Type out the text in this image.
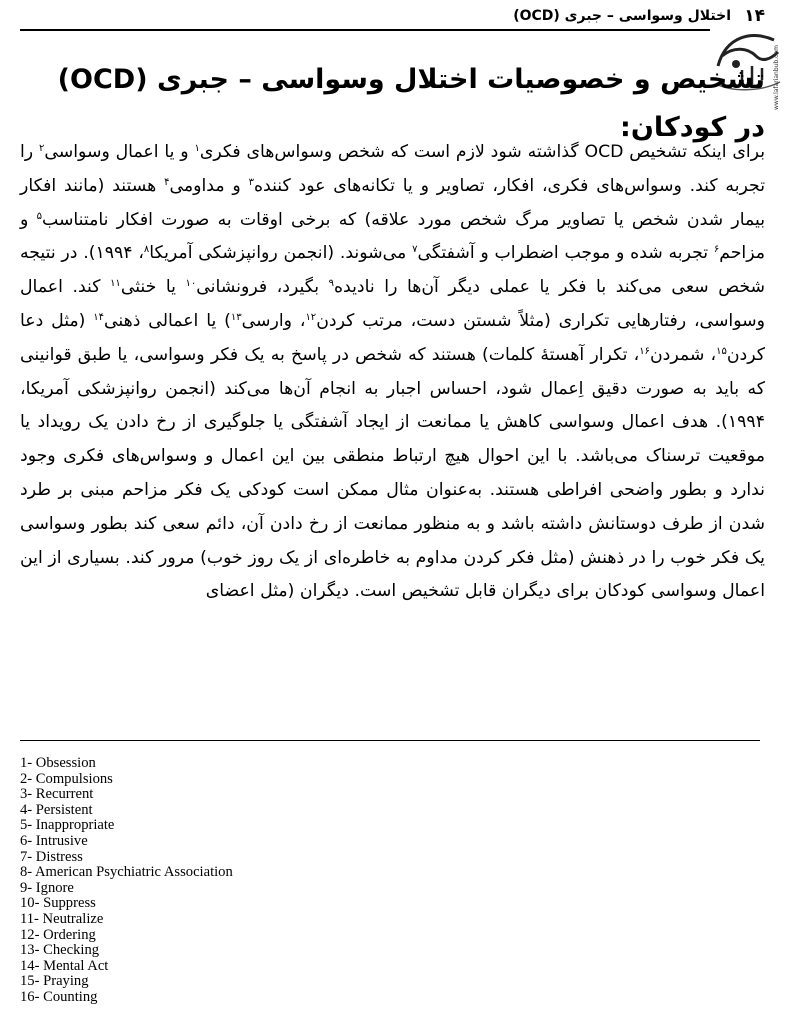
۱۴
اختلال وسواسی – جبری (OCD)
www.lafarianbub.com
تشخیص و خصوصیات اختلال وسواسی – جبری (OCD) در کودکان:

برای اینکه تشخیص OCD گذاشته شود لازم است که شخص وسواس‌های فکری$^۱$ و یا اعمال وسواسی$^۲$ را تجربه کند. وسواس‌های فکری، افکار، تصاویر و یا تکانه‌های عود کننده$^۳$ و مداومی$^۴$ هستند (مانند افکار بیمار شدن شخص یا تصاویر مرگ شخص مورد علاقه) که برخی اوقات به صورت افکار نامتناسب$^۵$ و مزاحم$^۶$ تجربه شده و موجب اضطراب و آشفتگی$^۷$ می‌شوند. (انجمن روانپزشکی آمریکا$^۸$، ۱۹۹۴). در نتیجه شخص سعی می‌کند با فکر یا عملی دیگر آن‌ها را نادیده$^۹$ بگیرد، فرونشانی$^{۱۰}$ یا خنثی$^{۱۱}$ کند. اعمال وسواسی، رفتارهایی تکراری (مثلاً شستن دست، مرتب کردن$^{۱۲}$، وارسی$^{۱۳}$) یا اعمالی ذهنی$^{۱۴}$ (مثل دعا کردن$^{۱۵}$، شمردن$^{۱۶}$، تکرار آهستهٔ کلمات) هستند که شخص در پاسخ به یک فکر وسواسی، یا طبق قوانینی که باید به صورت دقیق اِعمال شود، احساس اجبار به انجام آن‌ها می‌کند (انجمن روانپزشکی آمریکا، ۱۹۹۴). هدف اعمال وسواسی کاهش یا ممانعت از ایجاد آشفتگی یا جلوگیری از رخ دادن یک رویداد یا موقعیت ترسناک می‌باشد. با این احوال هیچ ارتباط منطقی بین این اعمال و وسواس‌های فکری وجود ندارد و بطور واضحی افراطی هستند. به‌عنوان مثال ممکن است کودکی یک فکر مزاحم مبنی بر طرد شدن از طرف دوستانش داشته باشد و به منظور ممانعت از رخ دادن آن، دائم سعی کند بطور وسواسی یک فکر خوب را در ذهنش (مثل فکر کردن مداوم به خاطره‌ای از یک روز خوب) مرور کند. بسیاری از این اعمال وسواسی کودکان برای دیگران قابل تشخیص است. دیگران (مثل اعضای

1- Obsession
2- Compulsions
3- Recurrent
4- Persistent
5- Inappropriate
6- Intrusive
7- Distress
8- American Psychiatric Association
9- Ignore
10- Suppress
11- Neutralize
12- Ordering
13- Checking
14- Mental Act
15- Praying
16- Counting
